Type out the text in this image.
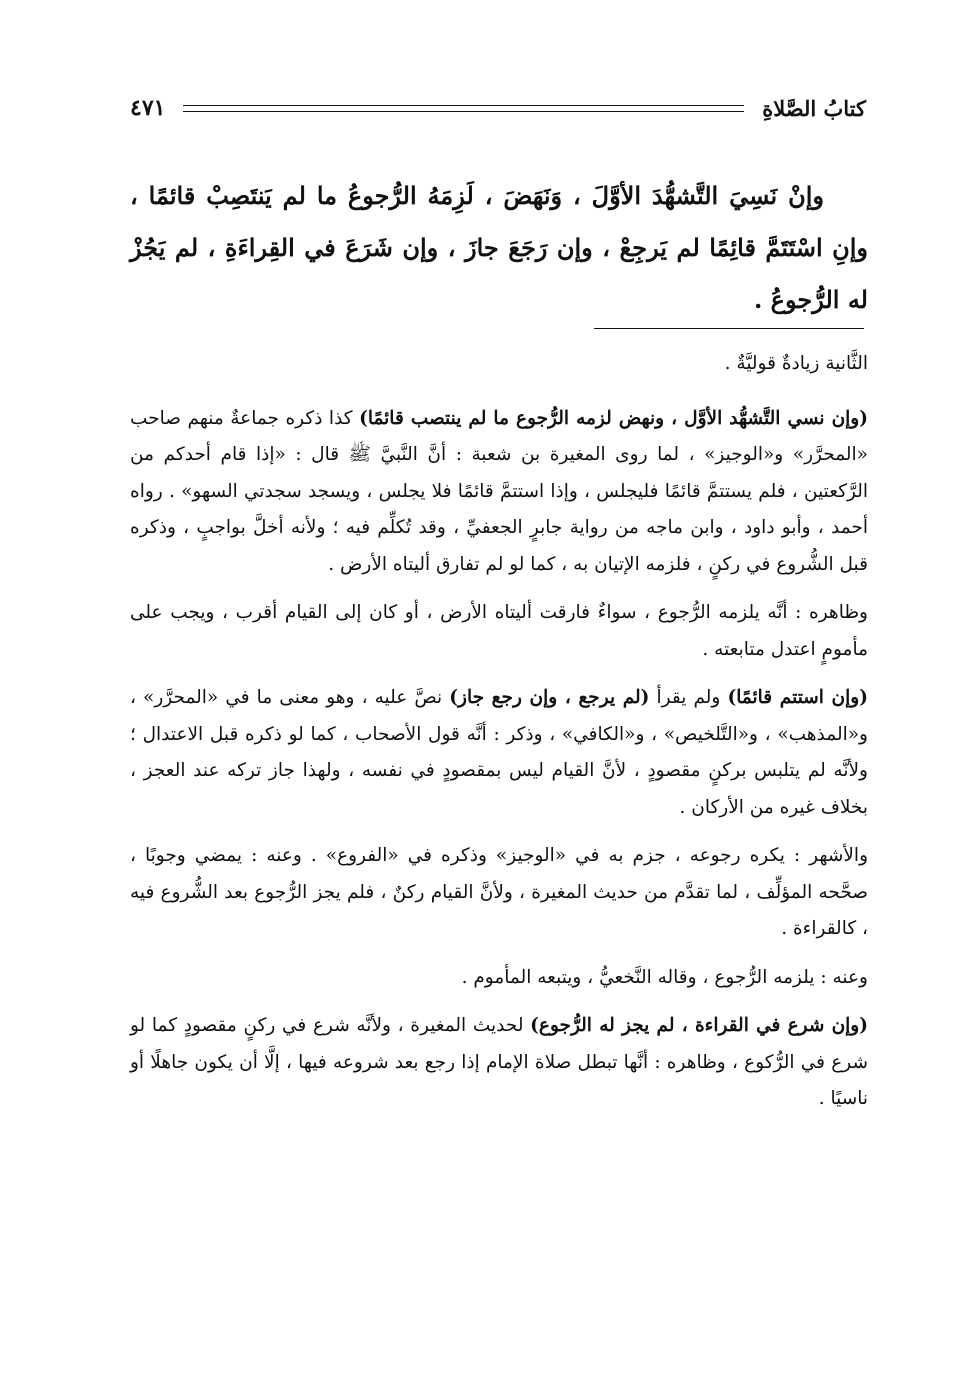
كتابُ الصَّلاةِ
٤٧١
وإنْ نَسِيَ التَّشهُّدَ الأوَّلَ ، وَنَهَضَ ، لَزِمَهُ الرُّجوعُ ما لم يَنتَصِبْ قائمًا ، وإنِ اسْتَتَمَّ قائِمًا لم يَرجِعْ ، وإن رَجَعَ جازَ ، وإن شَرَعَ في القِراءَةِ ، لم يَجُزْ له الرُّجوعُ .

الثَّانية زيادةٌ قوليَّةٌ .

(وإن نسي التَّشهُّد الأوَّل ، ونهض لزمه الرُّجوع ما لم ينتصب قائمًا) كذا ذكره جماعةٌ منهم صاحب «المحرَّر» و«الوجيز» ، لما روى المغيرة بن شعبة : أنَّ النَّبيَّ ﷺ قال : «إذا قام أحدكم من الرَّكعتين ، فلم يستتمَّ قائمًا فليجلس ، وإذا استتمَّ قائمًا فلا يجلس ، ويسجد سجدتي السهو» . رواه أحمد ، وأبو داود ، وابن ماجه من رواية جابرٍ الجعفيِّ ، وقد تُكلِّم فيه ؛ ولأنه أخلَّ بواجبٍ ، وذكره قبل الشُّروع في ركنٍ ، فلزمه الإتيان به ، كما لو لم تفارق أليتاه الأرض .

وظاهره : أنَّه يلزمه الرُّجوع ، سواءٌ فارقت أليتاه الأرض ، أو كان إلى القيام أقرب ، ويجب على مأمومٍ اعتدل متابعته .

(وإن استتم قائمًا) ولم يقرأ (لم يرجع ، وإن رجع جاز) نصَّ عليه ، وهو معنى ما في «المحرَّر» ، و«المذهب» ، و«التَّلخيص» ، و«الكافي» ، وذكر : أنَّه قول الأصحاب ، كما لو ذكره قبل الاعتدال ؛ ولأنَّه لم يتلبس بركنٍ مقصودٍ ، لأنَّ القيام ليس بمقصودٍ في نفسه ، ولهذا جاز تركه عند العجز ، بخلاف غيره من الأركان .

والأشهر : يكره رجوعه ، جزم به في «الوجيز» وذكره في «الفروع» . وعنه : يمضي وجوبًا ، صحَّحه المؤلِّف ، لما تقدَّم من حديث المغيرة ، ولأنَّ القيام ركنٌ ، فلم يجز الرُّجوع بعد الشُّروع فيه ، كالقراءة .

وعنه : يلزمه الرُّجوع ، وقاله النَّخعيُّ ، ويتبعه المأموم .

(وإن شرع في القراءة ، لم يجز له الرُّجوع) لحديث المغيرة ، ولأنَّه شرع في ركنٍ مقصودٍ كما لو شرع في الرُّكوع ، وظاهره : أنَّها تبطل صلاة الإمام إذا رجع بعد شروعه فيها ، إلَّا أن يكون جاهلًا أو ناسيًا .
